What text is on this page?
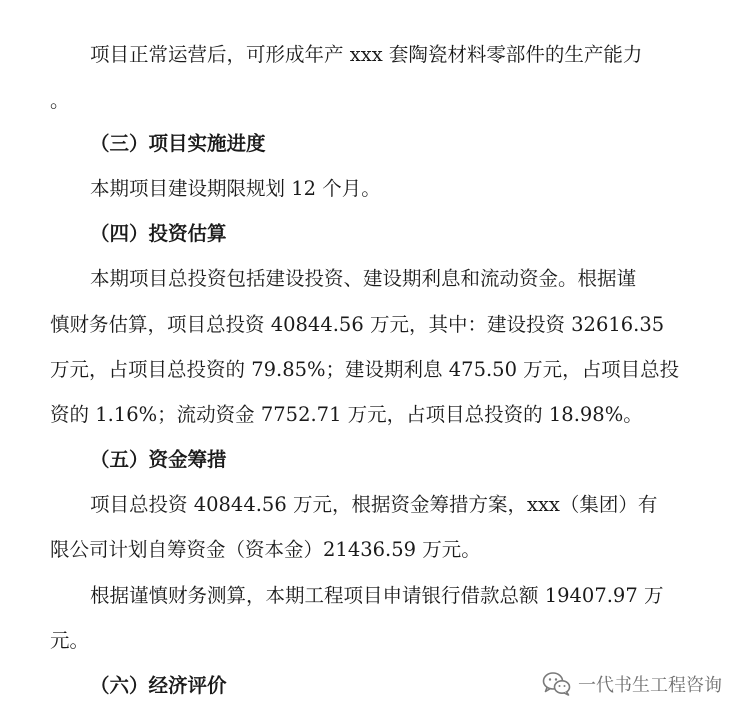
项目正常运营后，可形成年产 xxx 套陶瓷材料零部件的生产能力
。
（三）项目实施进度
本期项目建设期限规划 12 个月。
（四）投资估算
本期项目总投资包括建设投资、建设期利息和流动资金。根据谨
慎财务估算，项目总投资 40844.56 万元，其中：建设投资 32616.35
万元，占项目总投资的 79.85%；建设期利息 475.50 万元，占项目总投
资的 1.16%；流动资金 7752.71 万元，占项目总投资的 18.98%。
（五）资金筹措
项目总投资 40844.56 万元，根据资金筹措方案，xxx（集团）有
限公司计划自筹资金（资本金）21436.59 万元。
根据谨慎财务测算，本期工程项目申请银行借款总额 19407.97 万
元。
（六）经济评价	一代书生工程咨询
